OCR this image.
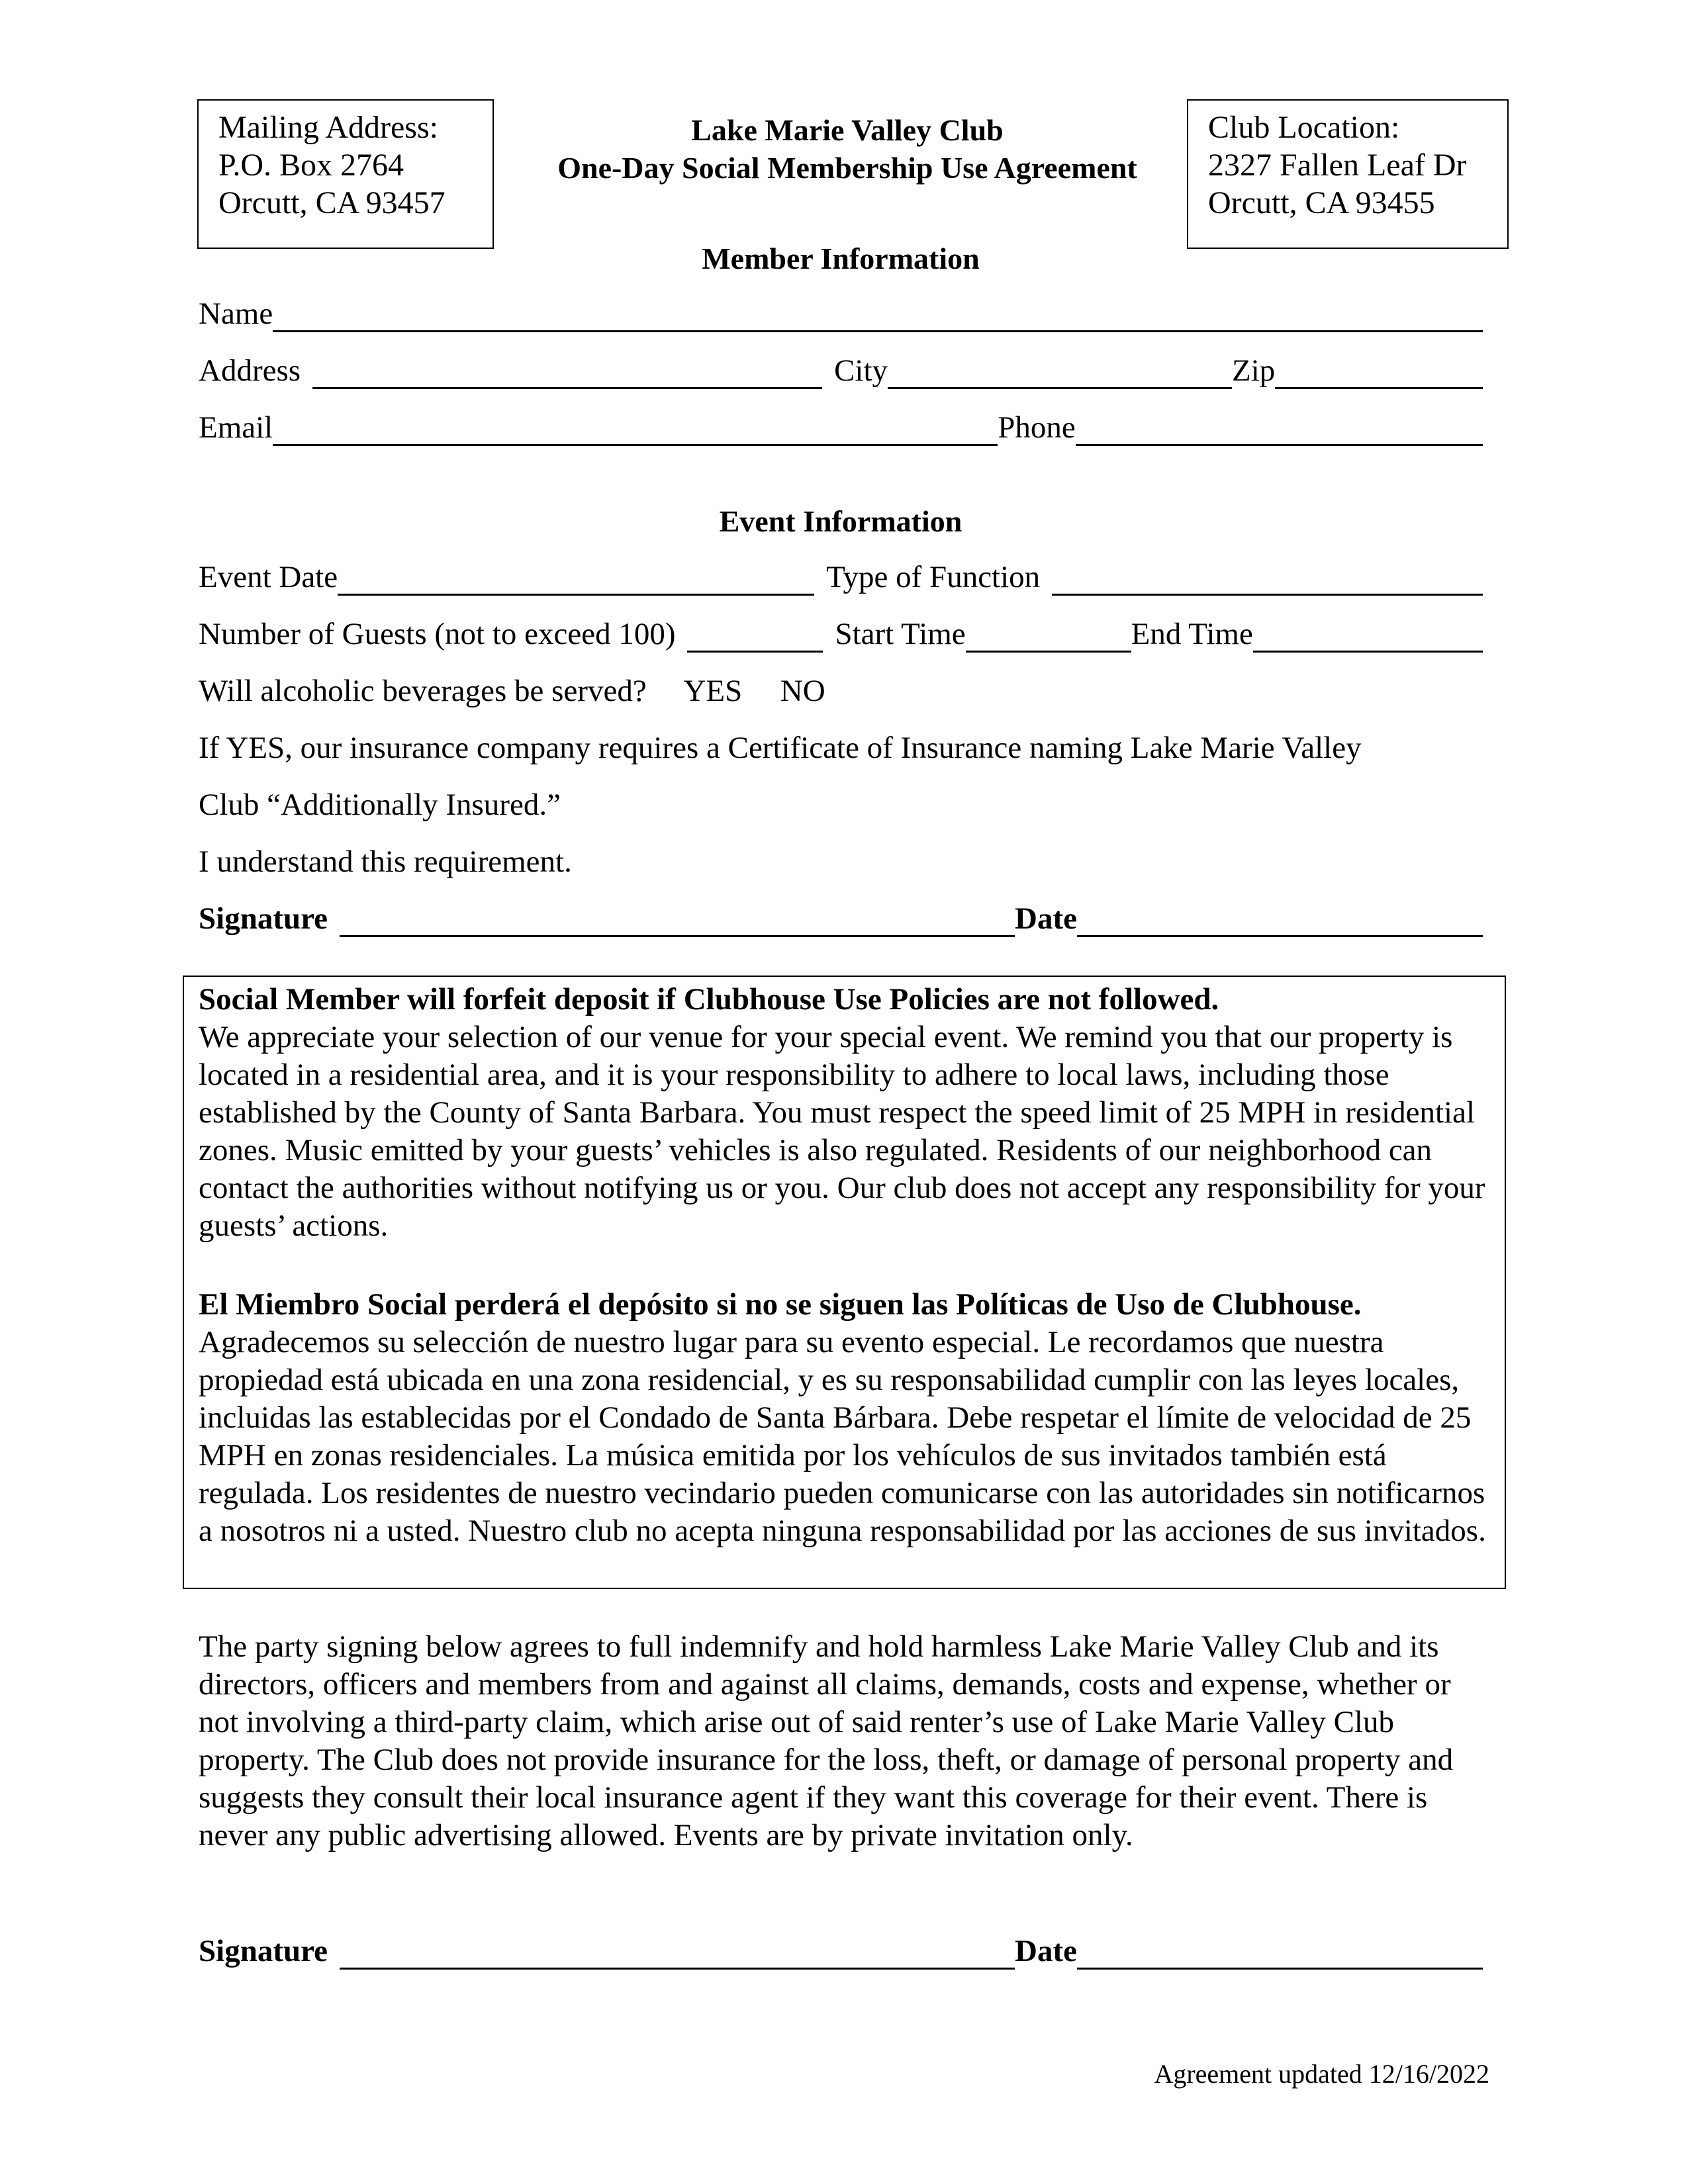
Mailing Address:
P.O. Box 2764
Orcutt, CA 93457
Lake Marie Valley Club
One-Day Social Membership Use Agreement
Club Location:
2327 Fallen Leaf Dr
Orcutt, CA 93455
Member Information
Name
Address	City	Zip
Email	Phone
Event Information
Event Date	Type of Function
Number of Guests (not to exceed 100)	Start Time	End Time
Will alcoholic beverages be served? YES NO
If YES, our insurance company requires a Certificate of Insurance naming Lake Marie Valley
Club “Additionally Insured.”
I understand this requirement.
Signature	Date
Social Member will forfeit deposit if Clubhouse Use Policies are not followed.
We appreciate your selection of our venue for your special event. We remind you that our property is located in a residential area, and it is your responsibility to adhere to local laws, including those established by the County of Santa Barbara. You must respect the speed limit of 25 MPH in residential zones. Music emitted by your guests’ vehicles is also regulated. Residents of our neighborhood can contact the authorities without notifying us or you. Our club does not accept any responsibility for your guests’ actions.
El Miembro Social perderá el depósito si no se siguen las Políticas de Uso de Clubhouse.
Agradecemos su selección de nuestro lugar para su evento especial. Le recordamos que nuestra propiedad está ubicada en una zona residencial, y es su responsabilidad cumplir con las leyes locales, incluidas las establecidas por el Condado de Santa Bárbara. Debe respetar el límite de velocidad de 25 MPH en zonas residenciales. La música emitida por los vehículos de sus invitados también está regulada. Los residentes de nuestro vecindario pueden comunicarse con las autoridades sin notificarnos a nosotros ni a usted. Nuestro club no acepta ninguna responsabilidad por las acciones de sus invitados.
The party signing below agrees to full indemnify and hold harmless Lake Marie Valley Club and its directors, officers and members from and against all claims, demands, costs and expense, whether or not involving a third-party claim, which arise out of said renter’s use of Lake Marie Valley Club property. The Club does not provide insurance for the loss, theft, or damage of personal property and suggests they consult their local insurance agent if they want this coverage for their event. There is never any public advertising allowed. Events are by private invitation only.
Signature	Date
Agreement updated 12/16/2022
